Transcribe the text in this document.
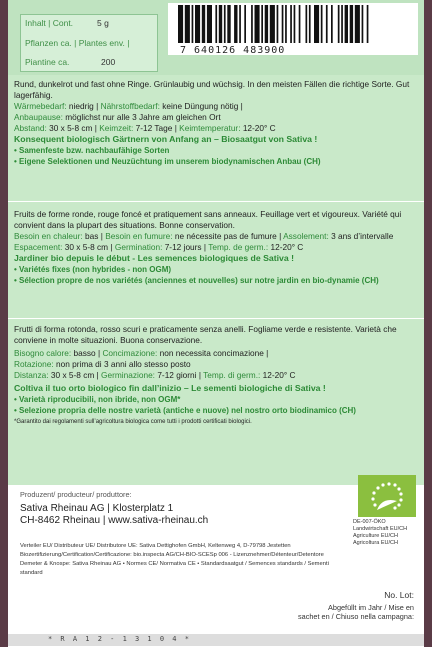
Inhalt | Cont.	5 g
Pflanzen ca. | Plantes env. |
Piantine ca.	200
7 640126 483900
Rund, dunkelrot und fast ohne Ringe. Grünlaubig und wüchsig. In den meisten Fällen die richtige Sorte. Gut lagerfähig.
Wärmebedarf: niedrig | Nährstoffbedarf: keine Düngung nötig |
Anbaupause: möglichst nur alle 3 Jahre am gleichen Ort
Abstand: 30 x 5-8 cm | Keimzeit: 7-12 Tage | Keimtemperatur: 12-20° C
Konsequent biologisch Gärtnern von Anfang an – Biosaatgut von Sativa !
• Samenfeste bzw. nachbaufähige Sorten
• Eigene Selektionen und Neuzüchtung im unserem biodynamischen Anbau (CH)
Fruits de forme ronde, rouge foncé et pratiquement sans anneaux. Feuillage vert et vigoureux. Variété qui convient dans la plupart des situations. Bonne conservation.
Besoin en chaleur: bas | Besoin en fumure: ne nécessite pas de fumure | Assolement: 3 ans d’intervalle
Espacement: 30 x 5-8 cm | Germination: 7-12 jours | Temp. de germ.: 12-20° C
Jardiner bio depuis le début - Les semences biologiques de Sativa !
• Variétés fixes (non hybrides - non OGM)
• Sélection propre de nos variétés (anciennes et nouvelles) sur notre jardin en bio-dynamie (CH)
Frutti di forma rotonda, rosso scuri e praticamente senza anelli. Fogliame verde e resistente. Varietà che conviene in molte situazioni. Buona conservazione.
Bisogno calore: basso | Concimazione: non necessita concimazione |
Rotazione: non prima di 3 anni allo stesso posto
Distanza: 30 x 5-8 cm | Germinazione: 7-12 giorni | Temp. di germ.: 12-20° C
Coltiva il tuo orto biologico fin dall’inizio – Le sementi biologiche di Sativa !
• Varietà riproducibili, non ibride, non OGM*
• Selezione propria delle nostre varietà (antiche e nuove) nel nostro orto biodinamico (CH)
*Garantito dai regolamenti sull’agricoltura biologica come tutti i prodotti certificati biologici.
Produzent/ producteur/ produttore:
Sativa Rheinau AG | Klosterplatz 1
CH-8462 Rheinau | www.sativa-rheinau.ch	DE-007-ÖKO
Landwirtschaft EU/CH
Agriculture EU/CH
Agricoltura EU/CH
Verteiler EU/ Distributeur UE/ Distributore UE: Sativa Dettighofen GmbH, Keltenweg 4, D-79798 Jestetten
Biozertifizierung/Certification/Certificazione: bio.inspecta AG/CH-BIO-SCESp 006 - Lizenznehmer/Détenteur/Detentore
Demeter & Knospe: Sativa Rheinau AG • Normes CE/ Normativa CE • Standardsaatgut / Semences standards / Sementi standard
No. Lot:
Abgefüllt im Jahr / Mise en
sachet en / Chiuso nella campagna:
* R A 1 2 - 1 3 1 0 4 *
